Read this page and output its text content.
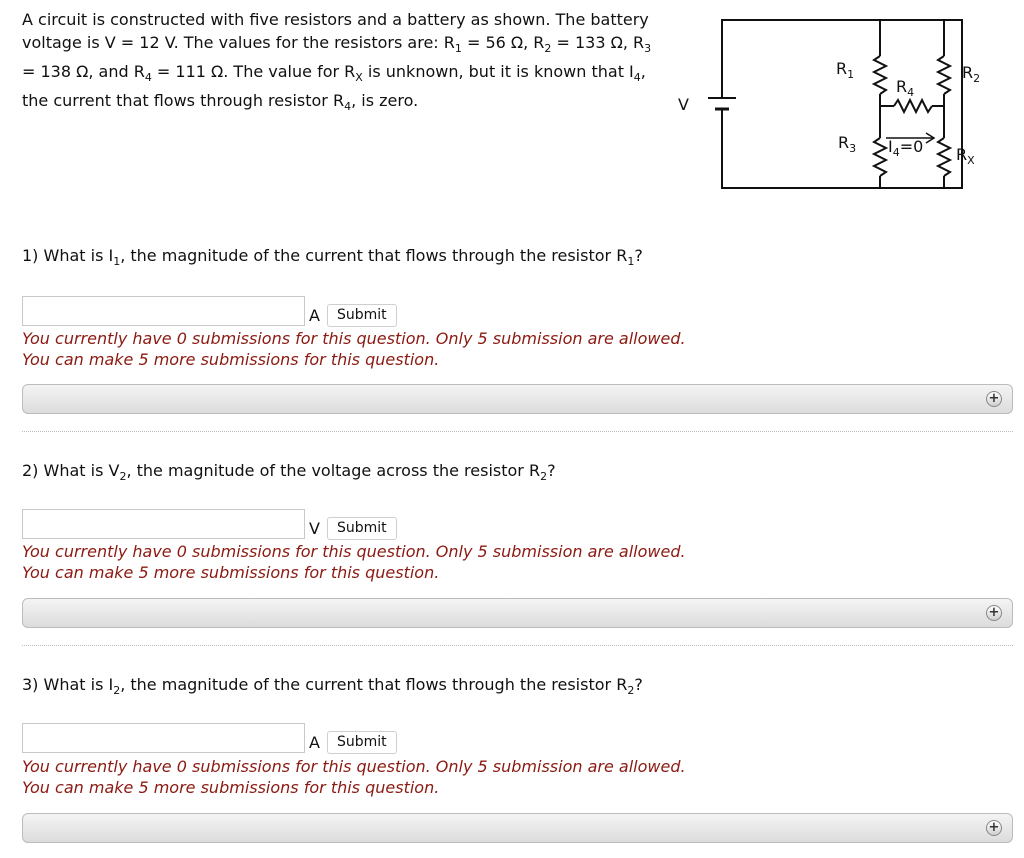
A circuit is constructed with five resistors and a battery as shown. The battery voltage is V = 12 V. The values for the resistors are: $R_1 = 56$ Ω, $R_2 = 133$ Ω, $R_3 = 138$ Ω, and $R_4 = 111$ Ω. The value for $R_X$ is unknown, but it is known that $I_4$, the current that flows through resistor $R_4$, is zero.	V
$R_1$	$R_2$
$R_4$
$R_3$ $I_4=0$ $R_X$
1) What is $I_1$, the magnitude of the current that flows through the resistor $R_1$?
A	Submit
You currently have 0 submissions for this question. Only 5 submission are allowed.
You can make 5 more submissions for this question.
+
2) What is $V_2$, the magnitude of the voltage across the resistor $R_2$?
V	Submit
You currently have 0 submissions for this question. Only 5 submission are allowed.
You can make 5 more submissions for this question.
+
3) What is $I_2$, the magnitude of the current that flows through the resistor $R_2$?
A	Submit
You currently have 0 submissions for this question. Only 5 submission are allowed.
You can make 5 more submissions for this question.
+
